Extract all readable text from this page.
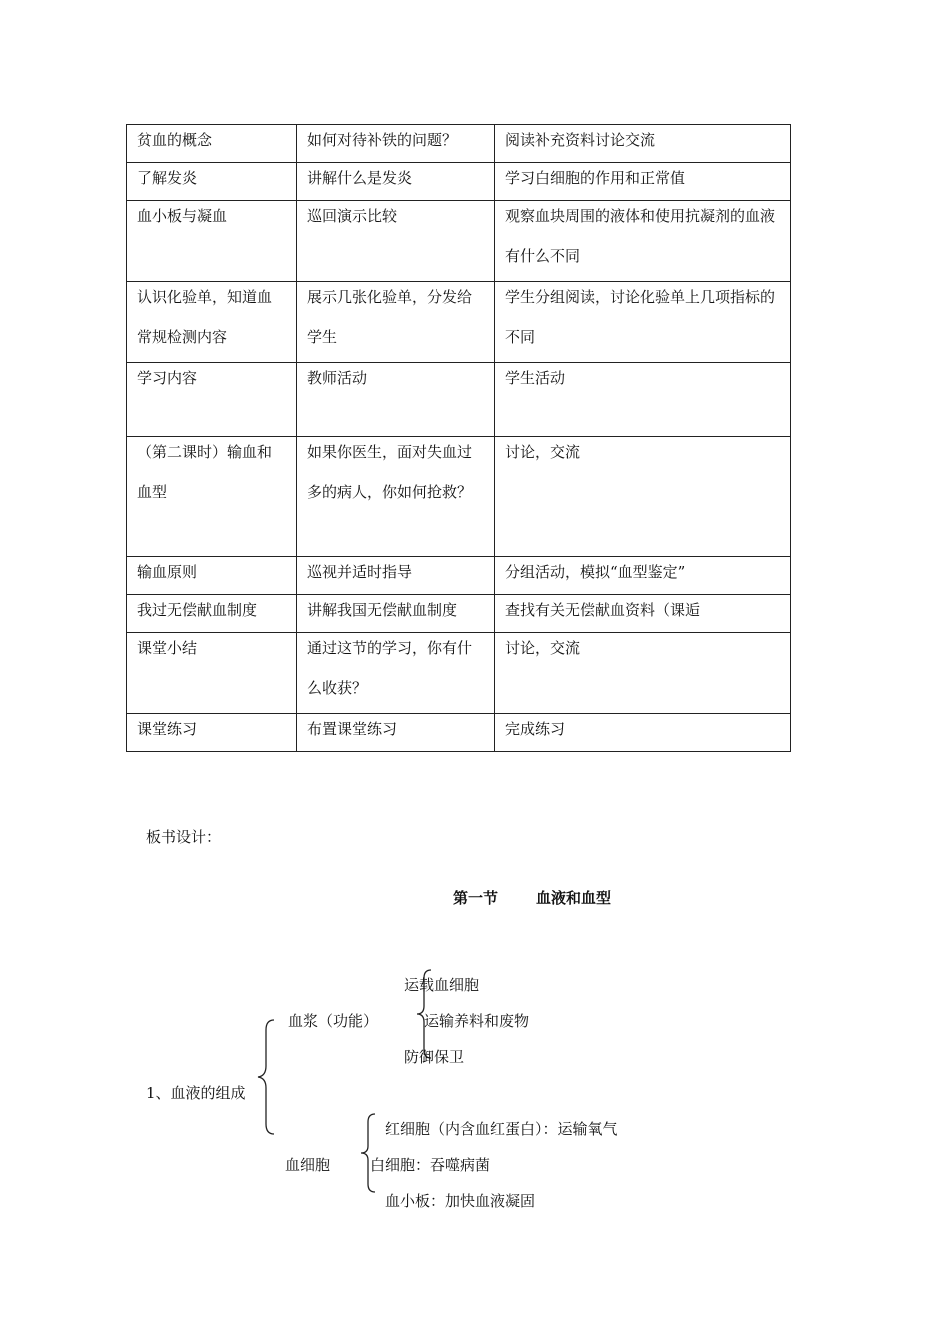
贫血的概念	如何对待补铁的问题？	阅读补充资料讨论交流

了解发炎	讲解什么是发炎	学习白细胞的作用和正常值

血小板与凝血	巡回演示比较	观察血块周围的液体和使用抗凝剂的血液有什么不同

认识化验单，知道血常规检测内容	展示几张化验单，分发给学生	学生分组阅读，讨论化验单上几项指标的不同

学习内容	教师活动	学生活动

（第二课时）输血和血型	如果你医生，面对失血过多的病人，你如何抢救？	讨论，交流

输血原则	巡视并适时指导	分组活动，模拟“血型鉴定”

我过无偿献血制度	讲解我国无偿献血制度	查找有关无偿献血资料（课逅

课堂小结	通过这节的学习，你有什么收获？	讨论，交流

课堂练习	布置课堂练习	完成练习
板书设计：
第一节	血液和血型
1、血液的组成
血浆（功能）
运载血细胞
运输养料和废物
防御保卫
血细胞
红细胞（内含血红蛋白）：运输氧气
白细胞：吞噬病菌
血小板：加快血液凝固
